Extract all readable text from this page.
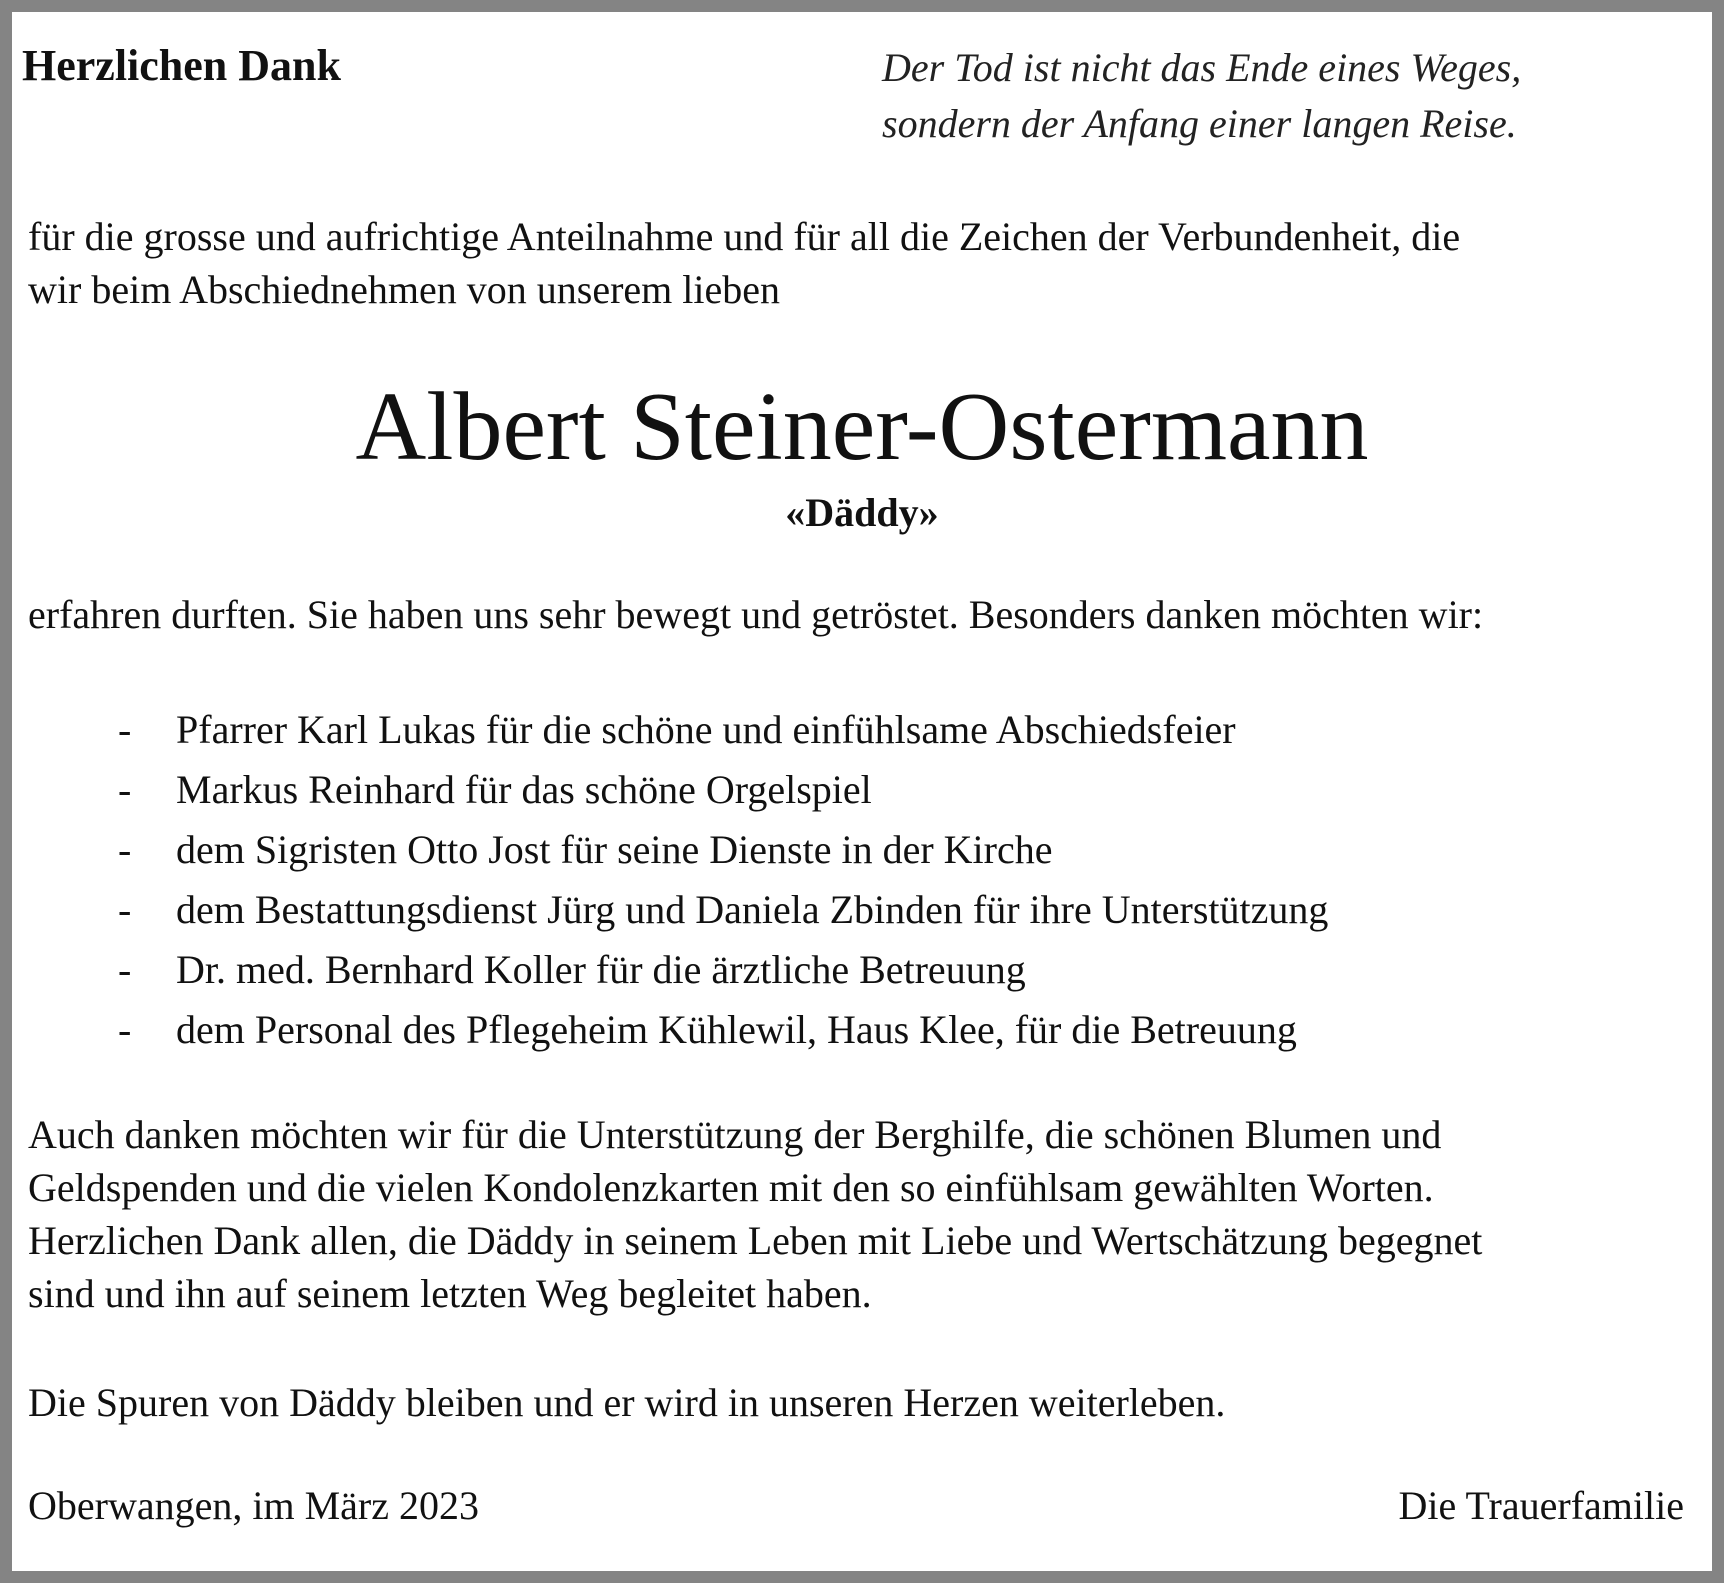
Herzlichen Dank	Der Tod ist nicht das Ende eines Weges,
sondern der Anfang einer langen Reise.

für die grosse und aufrichtige Anteilnahme und für all die Zeichen der Verbundenheit, die
wir beim Abschiednehmen von unserem lieben

Albert Steiner-Ostermann

«Däddy»

erfahren durften. Sie haben uns sehr bewegt und getröstet. Besonders danken möchten wir:

-	Pfarrer Karl Lukas für die schöne und einfühlsame Abschiedsfeier
-	Markus Reinhard für das schöne Orgelspiel
-	dem Sigristen Otto Jost für seine Dienste in der Kirche
-	dem Bestattungsdienst Jürg und Daniela Zbinden für ihre Unterstützung
-	Dr. med. Bernhard Koller für die ärztliche Betreuung
-	dem Personal des Pflegeheim Kühlewil, Haus Klee, für die Betreuung

Auch danken möchten wir für die Unterstützung der Berghilfe, die schönen Blumen und
Geldspenden und die vielen Kondolenzkarten mit den so einfühlsam gewählten Worten.
Herzlichen Dank allen, die Däddy in seinem Leben mit Liebe und Wertschätzung begegnet
sind und ihn auf seinem letzten Weg begleitet haben.

Die Spuren von Däddy bleiben und er wird in unseren Herzen weiterleben.

Oberwangen, im März 2023	Die Trauerfamilie
